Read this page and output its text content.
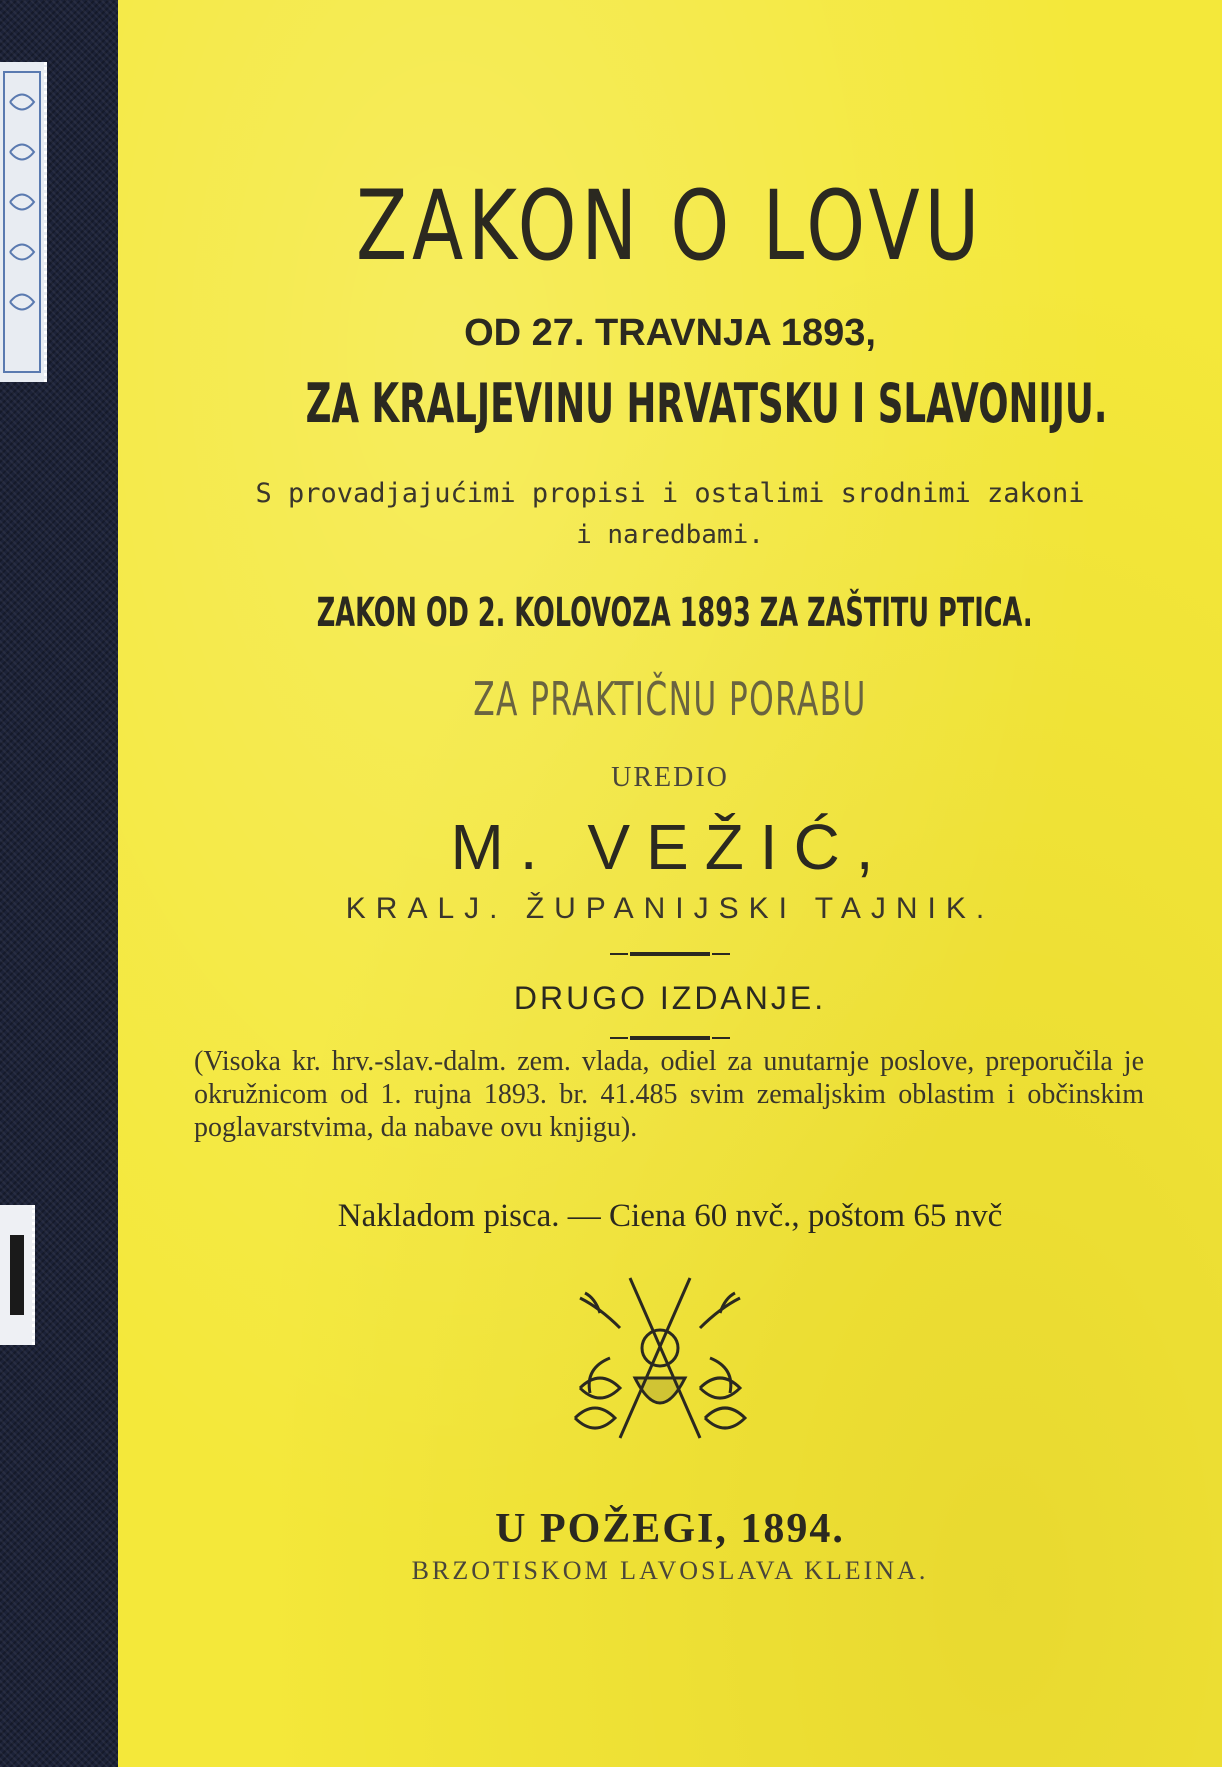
ZAKON O LOVU
OD 27. TRAVNJA 1893,
ZA KRALJEVINU HRVATSKU I SLAVONIJU.
S provadjajućimi propisi i ostalimi srodnimi zakoni
i naredbami.
ZAKON OD 2. KOLOVOZA 1893 ZA ZAŠTITU PTICA.
ZA PRAKTIČNU PORABU
UREDIO
M. VEŽIĆ,
KRALJ. ŽUPANIJSKI TAJNIK.
DRUGO IZDANJE.
(Visoka kr. hrv.-slav.-dalm. zem. vlada, odiel za unutarnje poslove, preporučila je okružnicom od 1. rujna 1893. br. 41.485 svim zemaljskim oblastim i občinskim poglavarstvima, da nabave ovu knjigu).
Nakladom pisca. — Ciena 60 nvč., poštom 65 nvč
U POŽEGI, 1894.
BRZOTISKOM LAVOSLAVA KLEINA.
